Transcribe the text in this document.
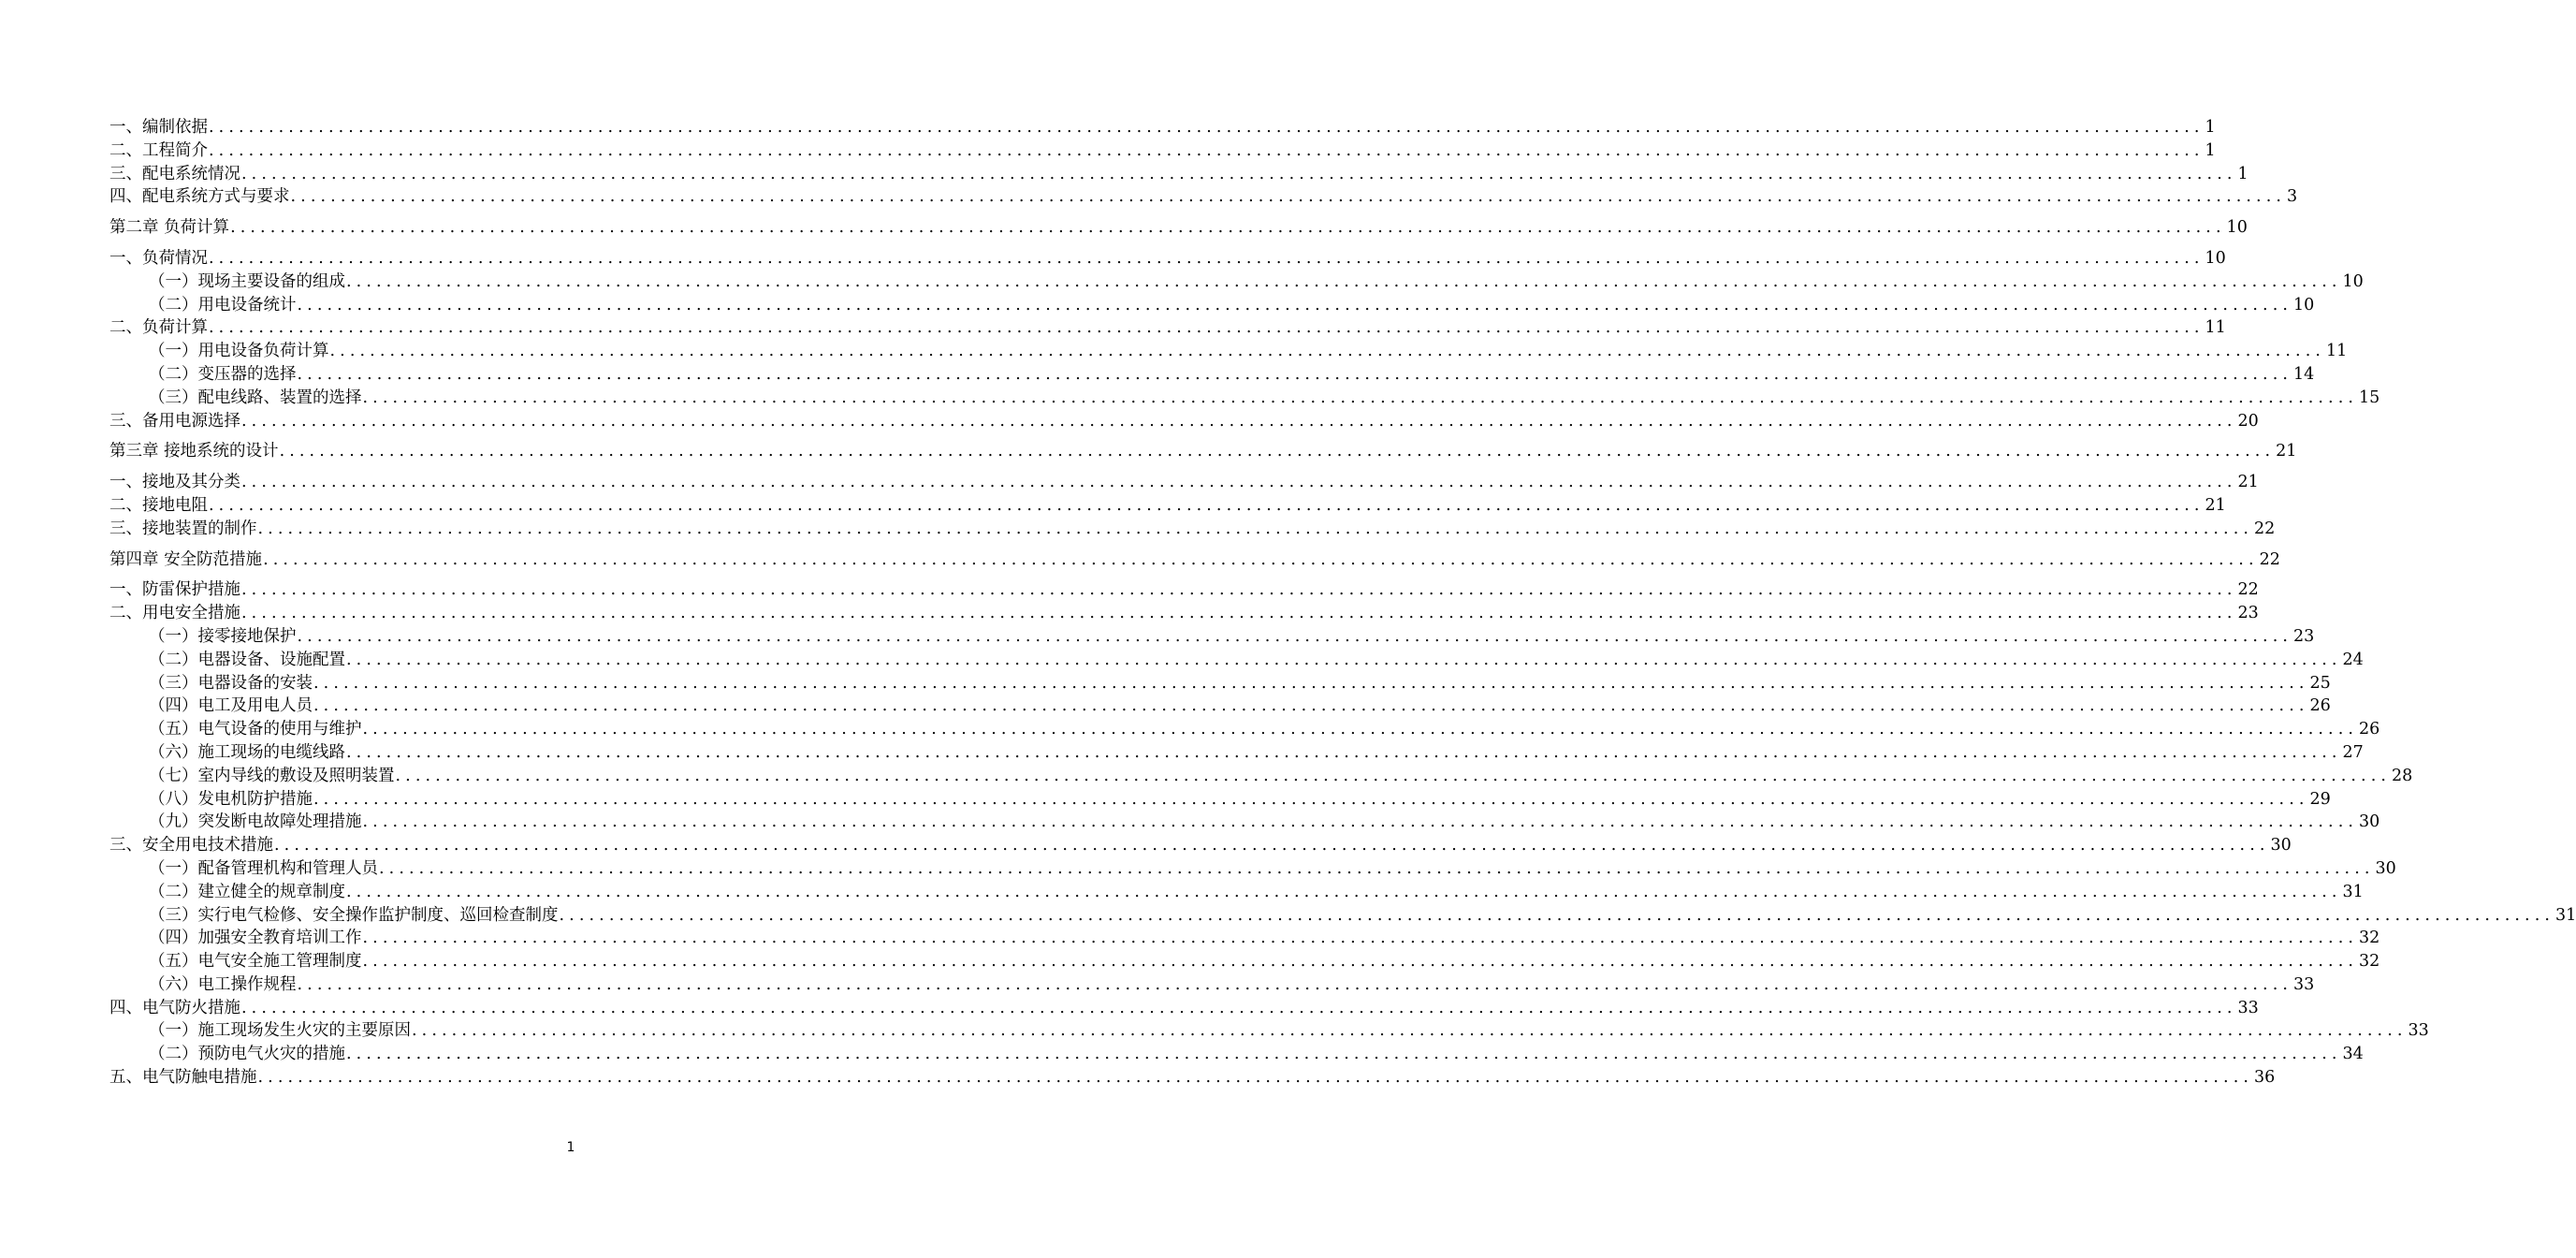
一、编制依据 ........................................................................................................................................................................................................ 1
二、工程简介 ........................................................................................................................................................................................................ 1
三、配电系统情况 ........................................................................................................................................................................................................ 1
四、配电系统方式与要求 ........................................................................................................................................................................................................ 3
第二章 负荷计算 ........................................................................................................................................................................................................ 10
一、负荷情况 ........................................................................................................................................................................................................ 10
（一）现场主要设备的组成 ........................................................................................................................................................................................................ 10
（二）用电设备统计 ........................................................................................................................................................................................................ 10
二、负荷计算 ........................................................................................................................................................................................................ 11
（一）用电设备负荷计算 ........................................................................................................................................................................................................ 11
（二）变压器的选择 ........................................................................................................................................................................................................ 14
（三）配电线路、装置的选择 ........................................................................................................................................................................................................ 15
三、备用电源选择 ........................................................................................................................................................................................................ 20
第三章 接地系统的设计 ........................................................................................................................................................................................................ 21
一、接地及其分类 ........................................................................................................................................................................................................ 21
二、接地电阻 ........................................................................................................................................................................................................ 21
三、接地装置的制作 ........................................................................................................................................................................................................ 22
第四章 安全防范措施 ........................................................................................................................................................................................................ 22
一、防雷保护措施 ........................................................................................................................................................................................................ 22
二、用电安全措施 ........................................................................................................................................................................................................ 23
（一）接零接地保护 ........................................................................................................................................................................................................ 23
（二）电器设备、设施配置 ........................................................................................................................................................................................................ 24
（三）电器设备的安装 ........................................................................................................................................................................................................ 25
（四）电工及用电人员 ........................................................................................................................................................................................................ 26
（五）电气设备的使用与维护 ........................................................................................................................................................................................................ 26
（六）施工现场的电缆线路 ........................................................................................................................................................................................................ 27
（七）室内导线的敷设及照明装置 ........................................................................................................................................................................................................ 28
（八）发电机防护措施 ........................................................................................................................................................................................................ 29
（九）突发断电故障处理措施 ........................................................................................................................................................................................................ 30
三、安全用电技术措施 ........................................................................................................................................................................................................ 30
（一）配备管理机构和管理人员 ........................................................................................................................................................................................................ 30
（二）建立健全的规章制度 ........................................................................................................................................................................................................ 31
（三）实行电气检修、安全操作监护制度、巡回检查制度 ........................................................................................................................................................................................................ 31
（四）加强安全教育培训工作 ........................................................................................................................................................................................................ 32
（五）电气安全施工管理制度 ........................................................................................................................................................................................................ 32
（六）电工操作规程 ........................................................................................................................................................................................................ 33
四、电气防火措施 ........................................................................................................................................................................................................ 33
（一）施工现场发生火灾的主要原因 ........................................................................................................................................................................................................ 33
（二）预防电气火灾的措施 ........................................................................................................................................................................................................ 34
五、电气防触电措施 ........................................................................................................................................................................................................ 36
1
